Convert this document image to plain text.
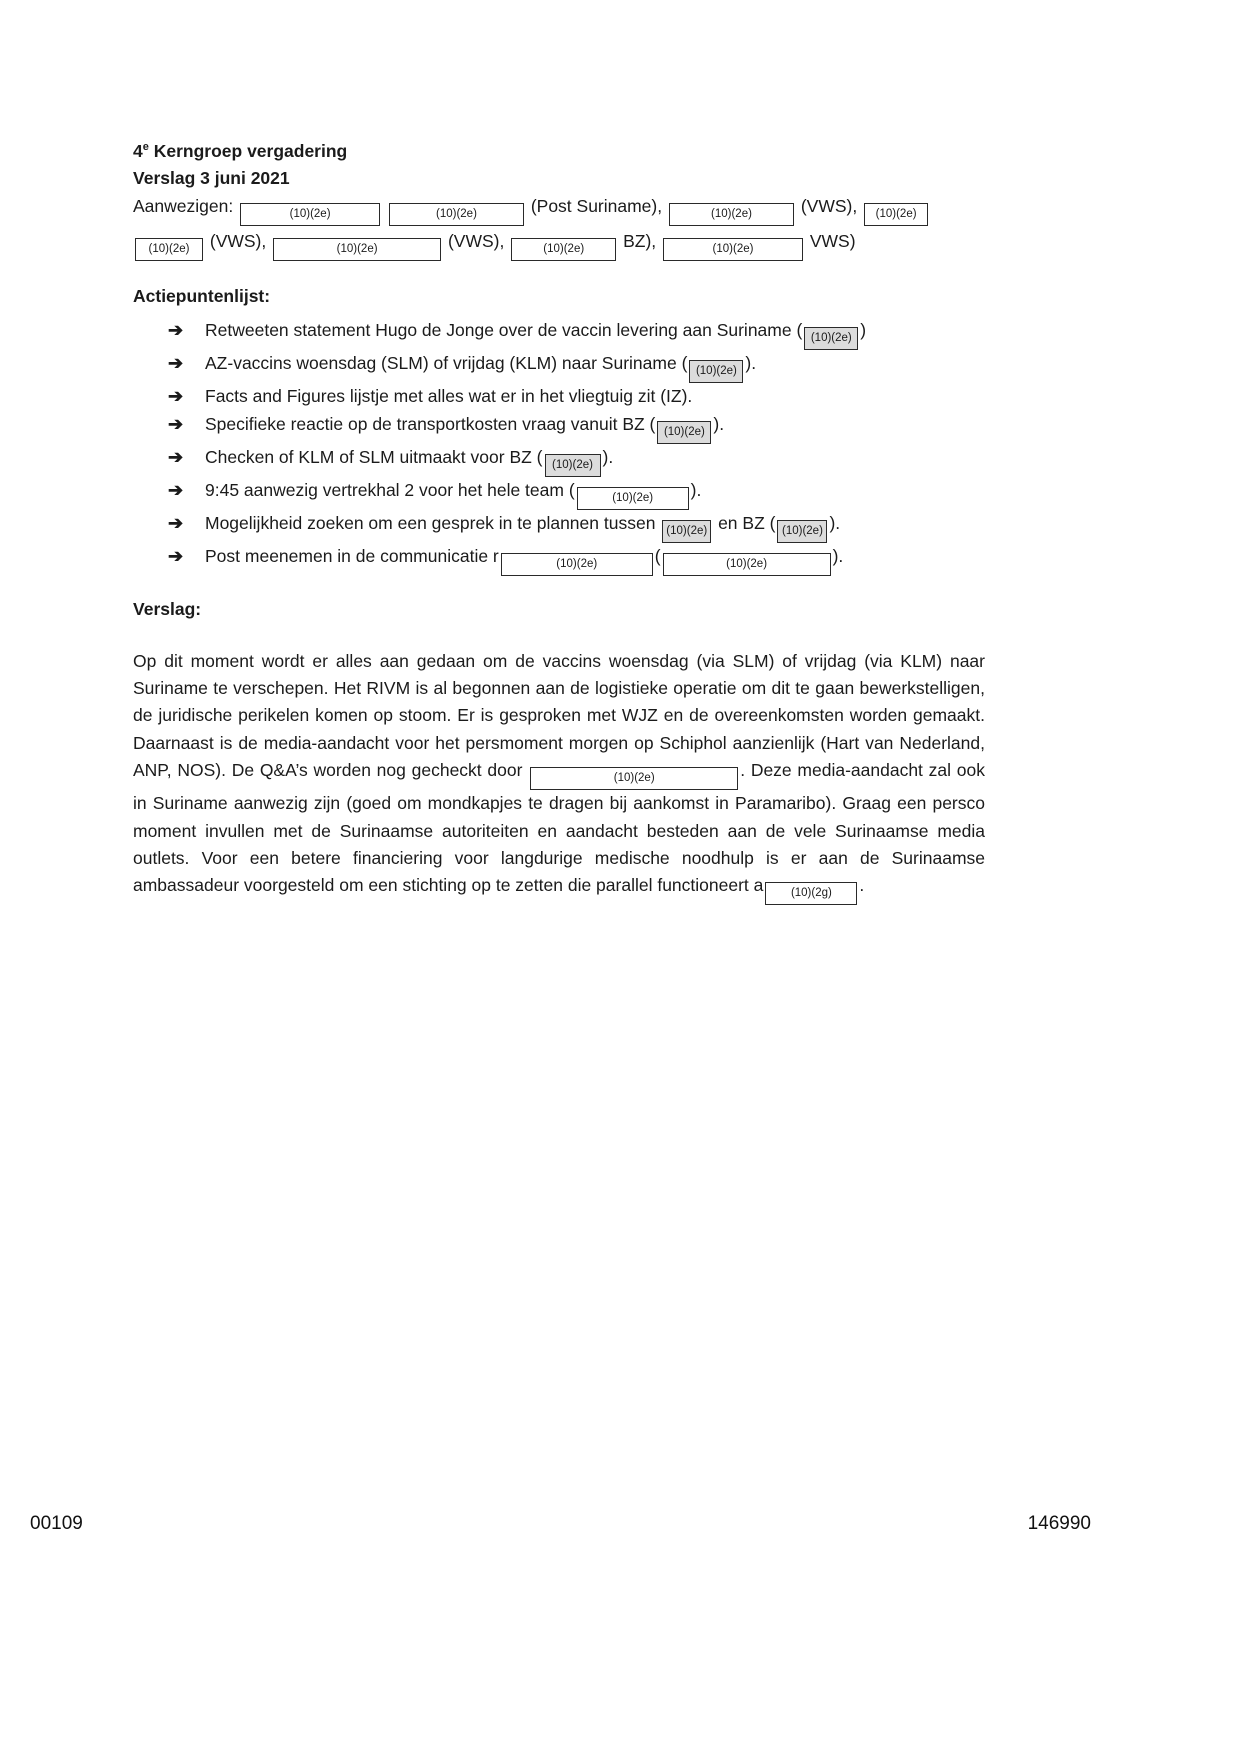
4e Kerngroep vergadering
Verslag 3 juni 2021
Aanwezigen:	(10)(2e)	(10)(2e)	(Post Suriname),	(10)(2e)	(VWS), (10)(2e)
(10)(2e) (VWS),	(10)(2e)	(VWS),	(10)(2e) BZ),	(10)(2e)	VWS)
Actiepuntenlijst:
➔	Retweeten statement Hugo de Jonge over de vaccin levering aan Suriname ( (10)(2e) )
➔	AZ-vaccins woensdag (SLM) of vrijdag (KLM) naar Suriname ( (10)(2e) ).
➔	Facts and Figures lijstje met alles wat er in het vliegtuig zit (IZ).
➔	Specifieke reactie op de transportkosten vraag vanuit BZ ( (10)(2e) ).
➔	Checken of KLM of SLM uitmaakt voor BZ ( (10)(2e) ).
➔	9:45 aanwezig vertrekhal 2 voor het hele team (	(10)(2e) ).
➔	Mogelijkheid zoeken om een gesprek in te plannen tussen (10)(2e) en BZ ( (10)(2e) ).
➔	Post meenemen in de communicatie r	(10)(2e)	(	(10)(2e)	).
Verslag:
Op dit moment wordt er alles aan gedaan om de vaccins woensdag (via SLM) of vrijdag (via KLM) naar Suriname te verschepen. Het RIVM is al begonnen aan de logistieke operatie om dit te gaan bewerkstelligen, de juridische perikelen komen op stoom. Er is gesproken met WJZ en de overeenkomsten worden gemaakt. Daarnaast is de media-aandacht voor het persmoment morgen op Schiphol aanzienlijk (Hart van Nederland, ANP, NOS). De Q&A’s worden nog gecheckt door	(10)(2e)	. Deze media-aandacht zal ook in Suriname aanwezig zijn (goed om mondkapjes te dragen bij aankomst in Paramaribo). Graag een persco moment invullen met de Surinaamse autoriteiten en aandacht besteden aan de vele Surinaamse media outlets. Voor een betere financiering voor langdurige medische noodhulp is er aan de Surinaamse ambassadeur voorgesteld om een stichting op te zetten die parallel functioneert a (10)(2g) .
00109	146990
